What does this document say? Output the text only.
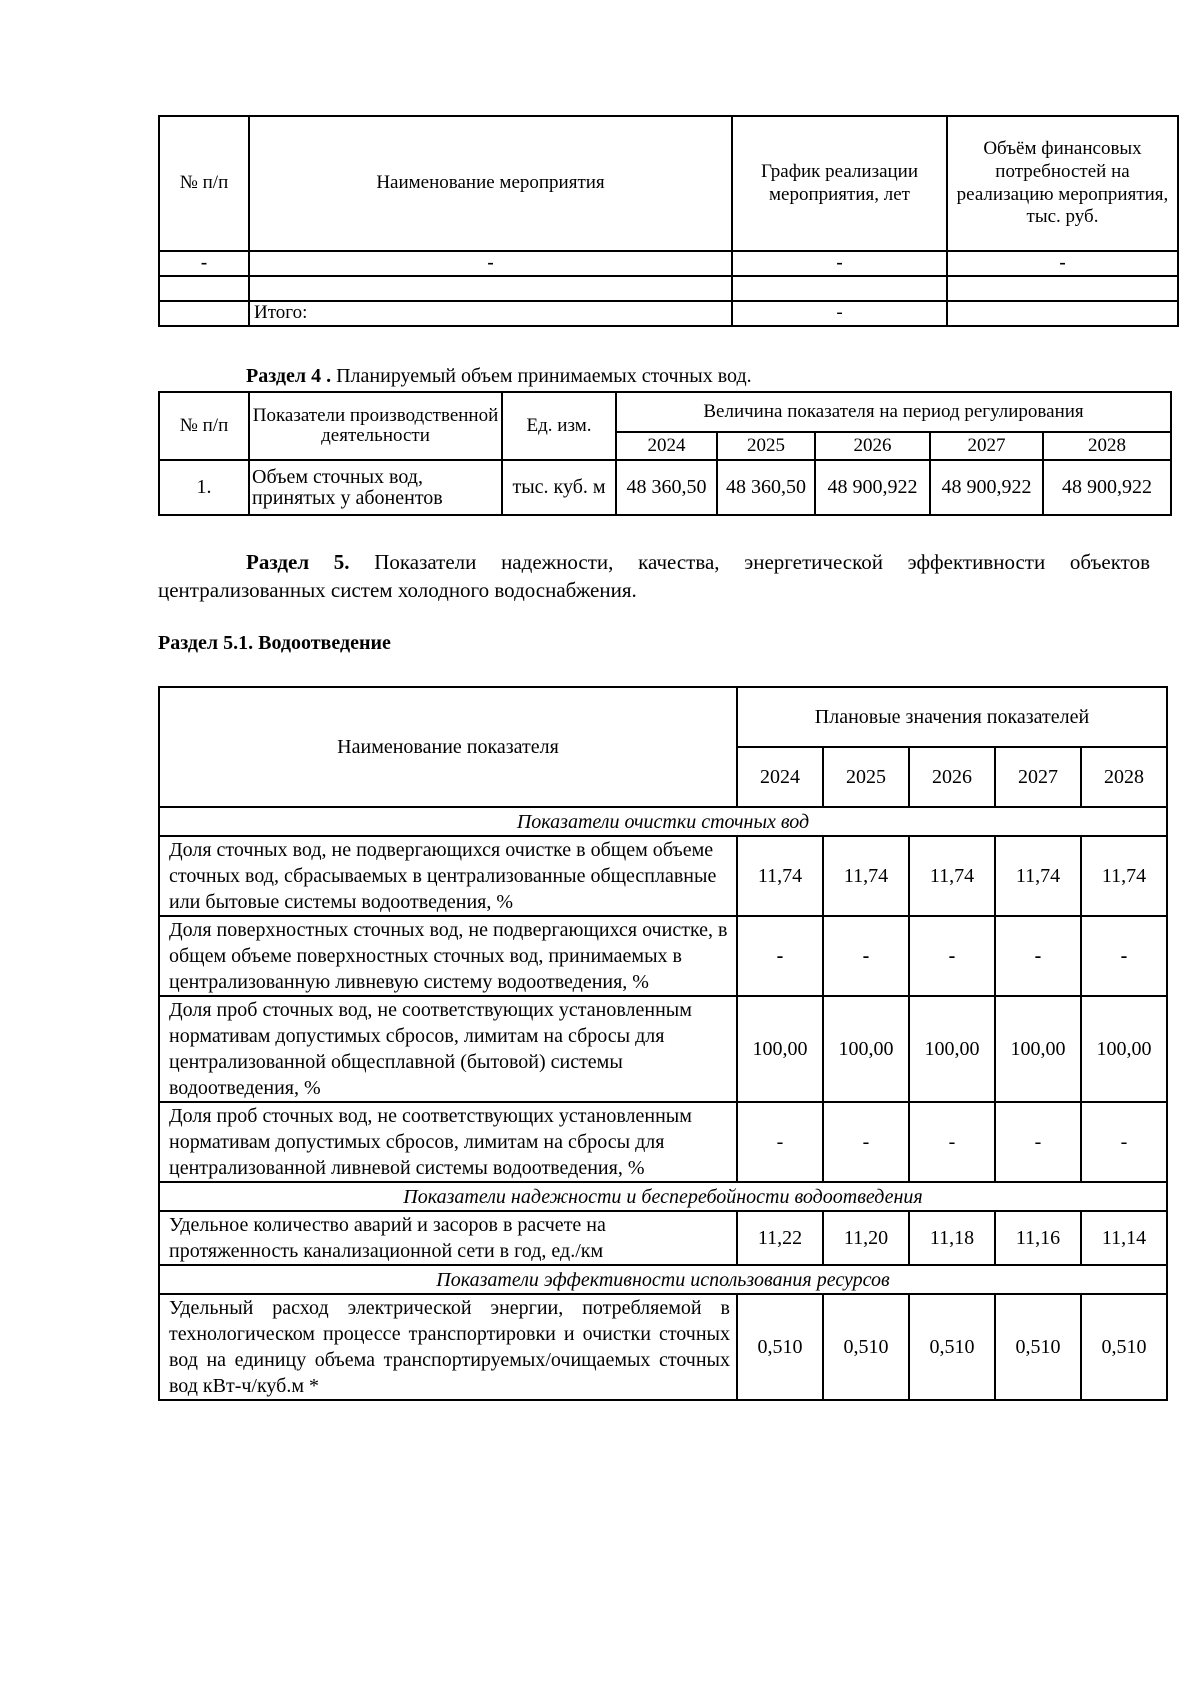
№ п/п	Наименование мероприятия	График реализации мероприятия, лет	Объём финансовых потребностей на реализацию мероприятия, тыс. руб.
-	-	-	-

	Итого:	-	
Раздел 4 . Планируемый объем принимаемых сточных вод.
№ п/п	Показатели производственной деятельности	Ед. изм.	Величина показателя на период регулирования				
			2024	2025	2026	2027	2028
1.	Объем сточных вод, принятых у абонентов	тыс. куб. м	48 360,50	48 360,50	48 900,922	48 900,922	48 900,922
Раздел 5. Показатели надежности, качества, энергетической эффективности объектов централизованных систем холодного водоснабжения.
Раздел 5.1. Водоотведение
Наименование показателя	Плановые значения показателей				
	2024	2025	2026	2027	2028
Показатели очистки сточных вод					
Доля сточных вод, не подвергающихся очистке в общем объеме сточных вод, сбрасываемых в централизованные общесплавные или бытовые системы водоотведения, %	11,74	11,74	11,74	11,74	11,74
Доля поверхностных сточных вод, не подвергающихся очистке, в общем объеме поверхностных сточных вод, принимаемых в централизованную ливневую систему водоотведения, %	-	-	-	-	-
Доля проб сточных вод, не соответствующих установленным нормативам допустимых сбросов, лимитам на сбросы для централизованной общесплавной (бытовой) системы водоотведения, %	100,00	100,00	100,00	100,00	100,00
Доля проб сточных вод, не соответствующих установленным нормативам допустимых сбросов, лимитам на сбросы для централизованной ливневой системы водоотведения, %	-	-	-	-	-
Показатели надежности и бесперебойности водоотведения					
Удельное количество аварий и засоров в расчете на протяженность канализационной сети в год, ед./км	11,22	11,20	11,18	11,16	11,14
Показатели эффективности использования ресурсов					
Удельный расход электрической энергии, потребляемой в технологическом процессе транспортировки и очистки сточных вод на единицу объема транспортируемых/очищаемых сточных вод кВт-ч/куб.м *	0,510	0,510	0,510	0,510	0,510
